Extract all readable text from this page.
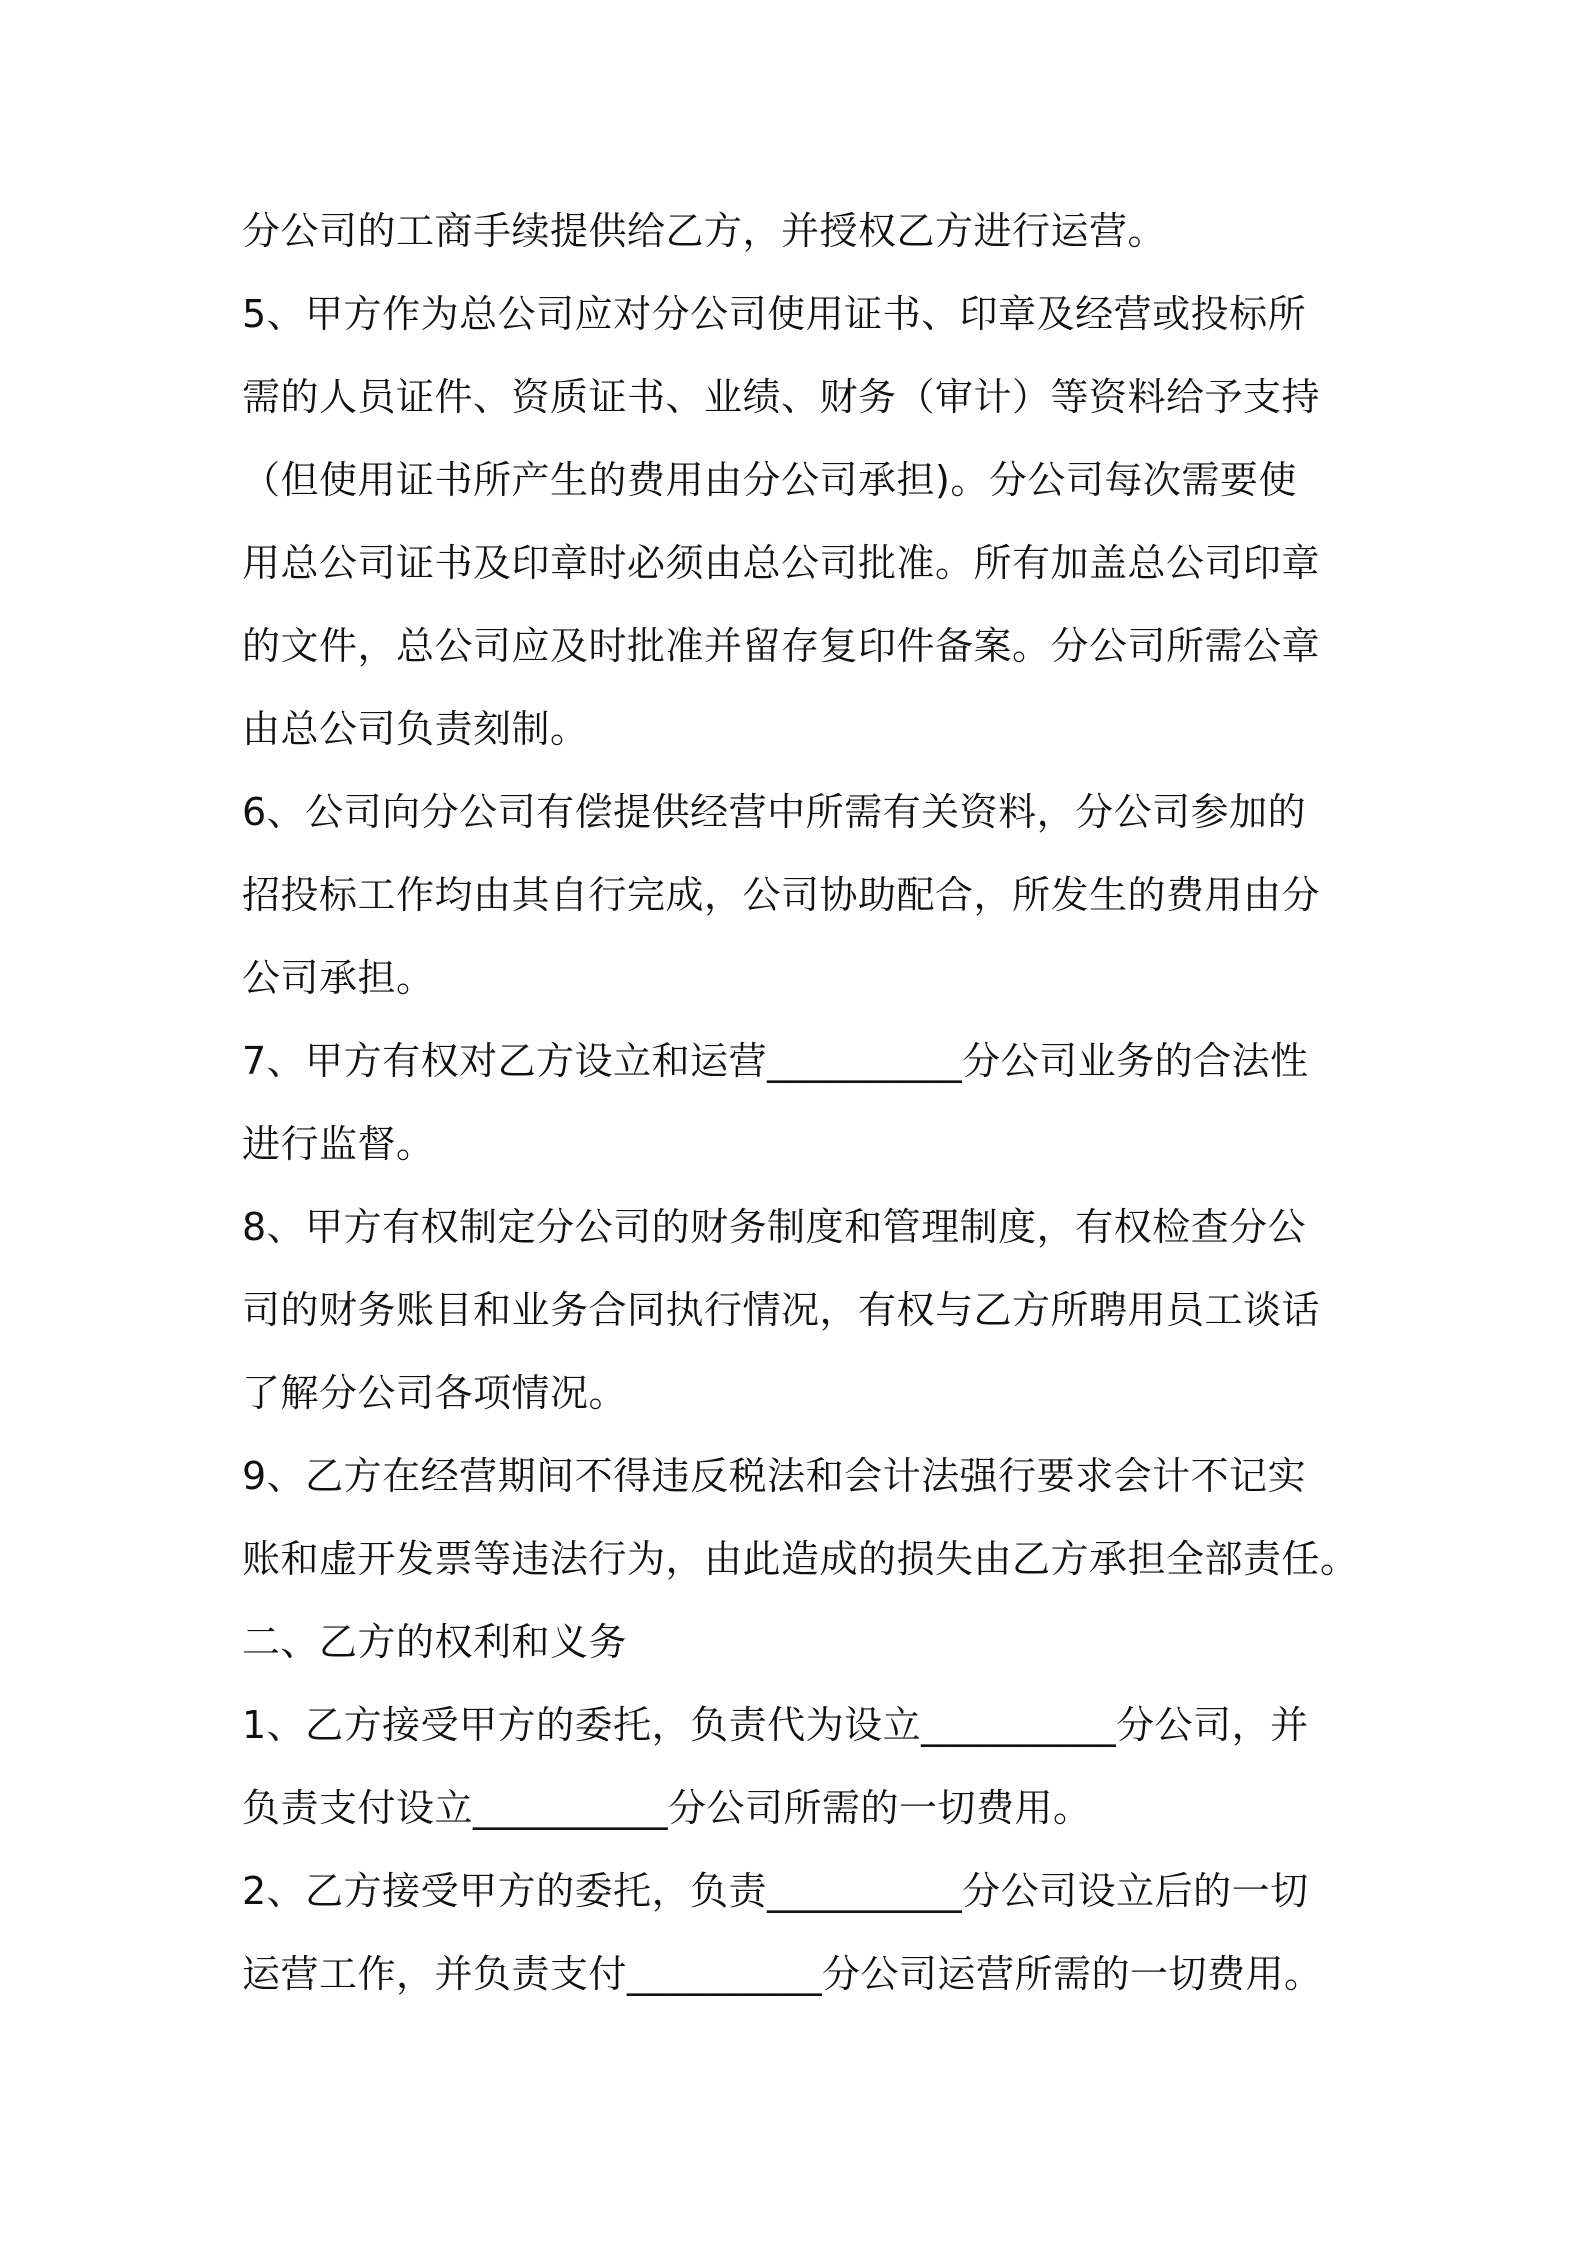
分公司的工商手续提供给乙方，并授权乙方进行运营。
5、甲方作为总公司应对分公司使用证书、印章及经营或投标所
需的人员证件、资质证书、业绩、财务（审计）等资料给予支持
（但使用证书所产生的费用由分公司承担)。分公司每次需要使
用总公司证书及印章时必须由总公司批准。所有加盖总公司印章
的文件，总公司应及时批准并留存复印件备案。分公司所需公章
由总公司负责刻制。
6、公司向分公司有偿提供经营中所需有关资料，分公司参加的
招投标工作均由其自行完成，公司协助配合，所发生的费用由分
公司承担。
7、甲方有权对乙方设立和运营__________分公司业务的合法性
进行监督。
8、甲方有权制定分公司的财务制度和管理制度，有权检查分公
司的财务账目和业务合同执行情况，有权与乙方所聘用员工谈话
了解分公司各项情况。
9、乙方在经营期间不得违反税法和会计法强行要求会计不记实
账和虚开发票等违法行为，由此造成的损失由乙方承担全部责任。
二、乙方的权利和义务
1、乙方接受甲方的委托，负责代为设立__________分公司，并
负责支付设立__________分公司所需的一切费用。
2、乙方接受甲方的委托，负责__________分公司设立后的一切
运营工作，并负责支付__________分公司运营所需的一切费用。
